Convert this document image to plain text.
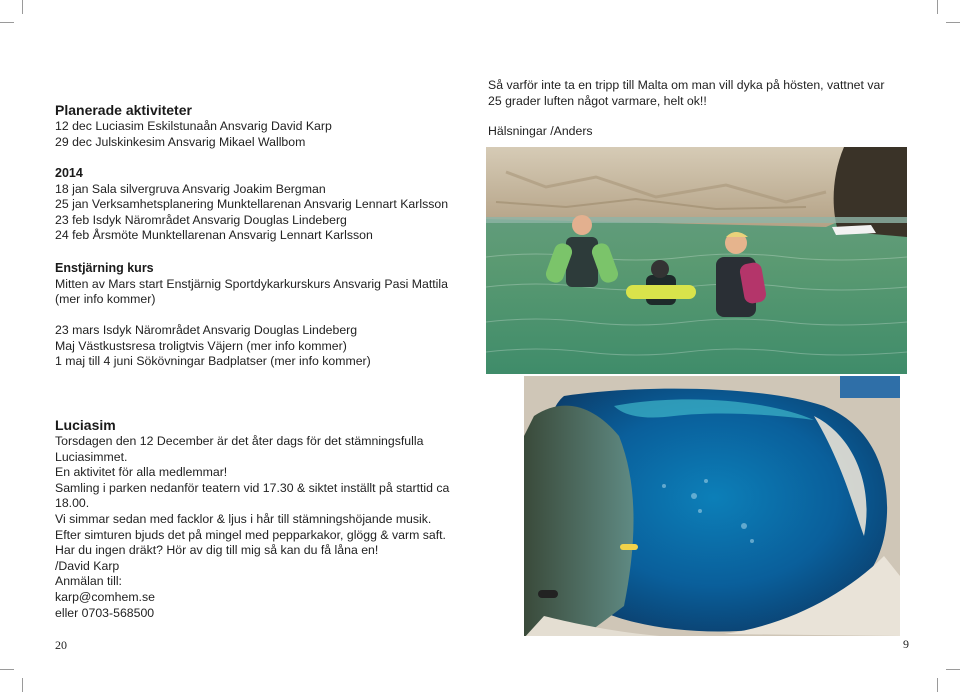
Planerade aktiviteter
12 dec Luciasim Eskilstunaån Ansvarig David Karp
29 dec Julskinkesim Ansvarig Mikael Wallbom
2014
18 jan Sala silvergruva Ansvarig Joakim Bergman
25 jan Verksamhetsplanering Munktellarenan Ansvarig Lennart Karlsson
23 feb Isdyk Närområdet Ansvarig Douglas Lindeberg
24 feb Årsmöte Munktellarenan Ansvarig Lennart Karlsson
Enstjärning kurs
Mitten av Mars start Enstjärnig Sportdykarkurskurs Ansvarig Pasi Mattila
(mer info kommer)
23 mars Isdyk Närområdet Ansvarig Douglas Lindeberg
Maj Västkustsresa troligtvis Väjern (mer info kommer)
1 maj till 4 juni Sökövningar Badplatser (mer info kommer)
Luciasim
Torsdagen den 12 December är det åter dags för det stämningsfulla
Luciasimmet.
En aktivitet för alla medlemmar!
Samling i parken nedanför teatern vid 17.30 & siktet inställt på starttid ca
18.00.
Vi simmar sedan med facklor & ljus i hår till stämningshöjande musik.
Efter simturen bjuds det på mingel med pepparkakor, glögg & varm saft.
Har du ingen dräkt? Hör av dig till mig så kan du få låna en!
/David Karp
Anmälan till:
karp@comhem.se
eller 0703-568500
20
Så varför inte ta en tripp till Malta om man vill dyka på hösten, vattnet var
25 grader luften något varmare, helt ok!!
Hälsningar /Anders
9
